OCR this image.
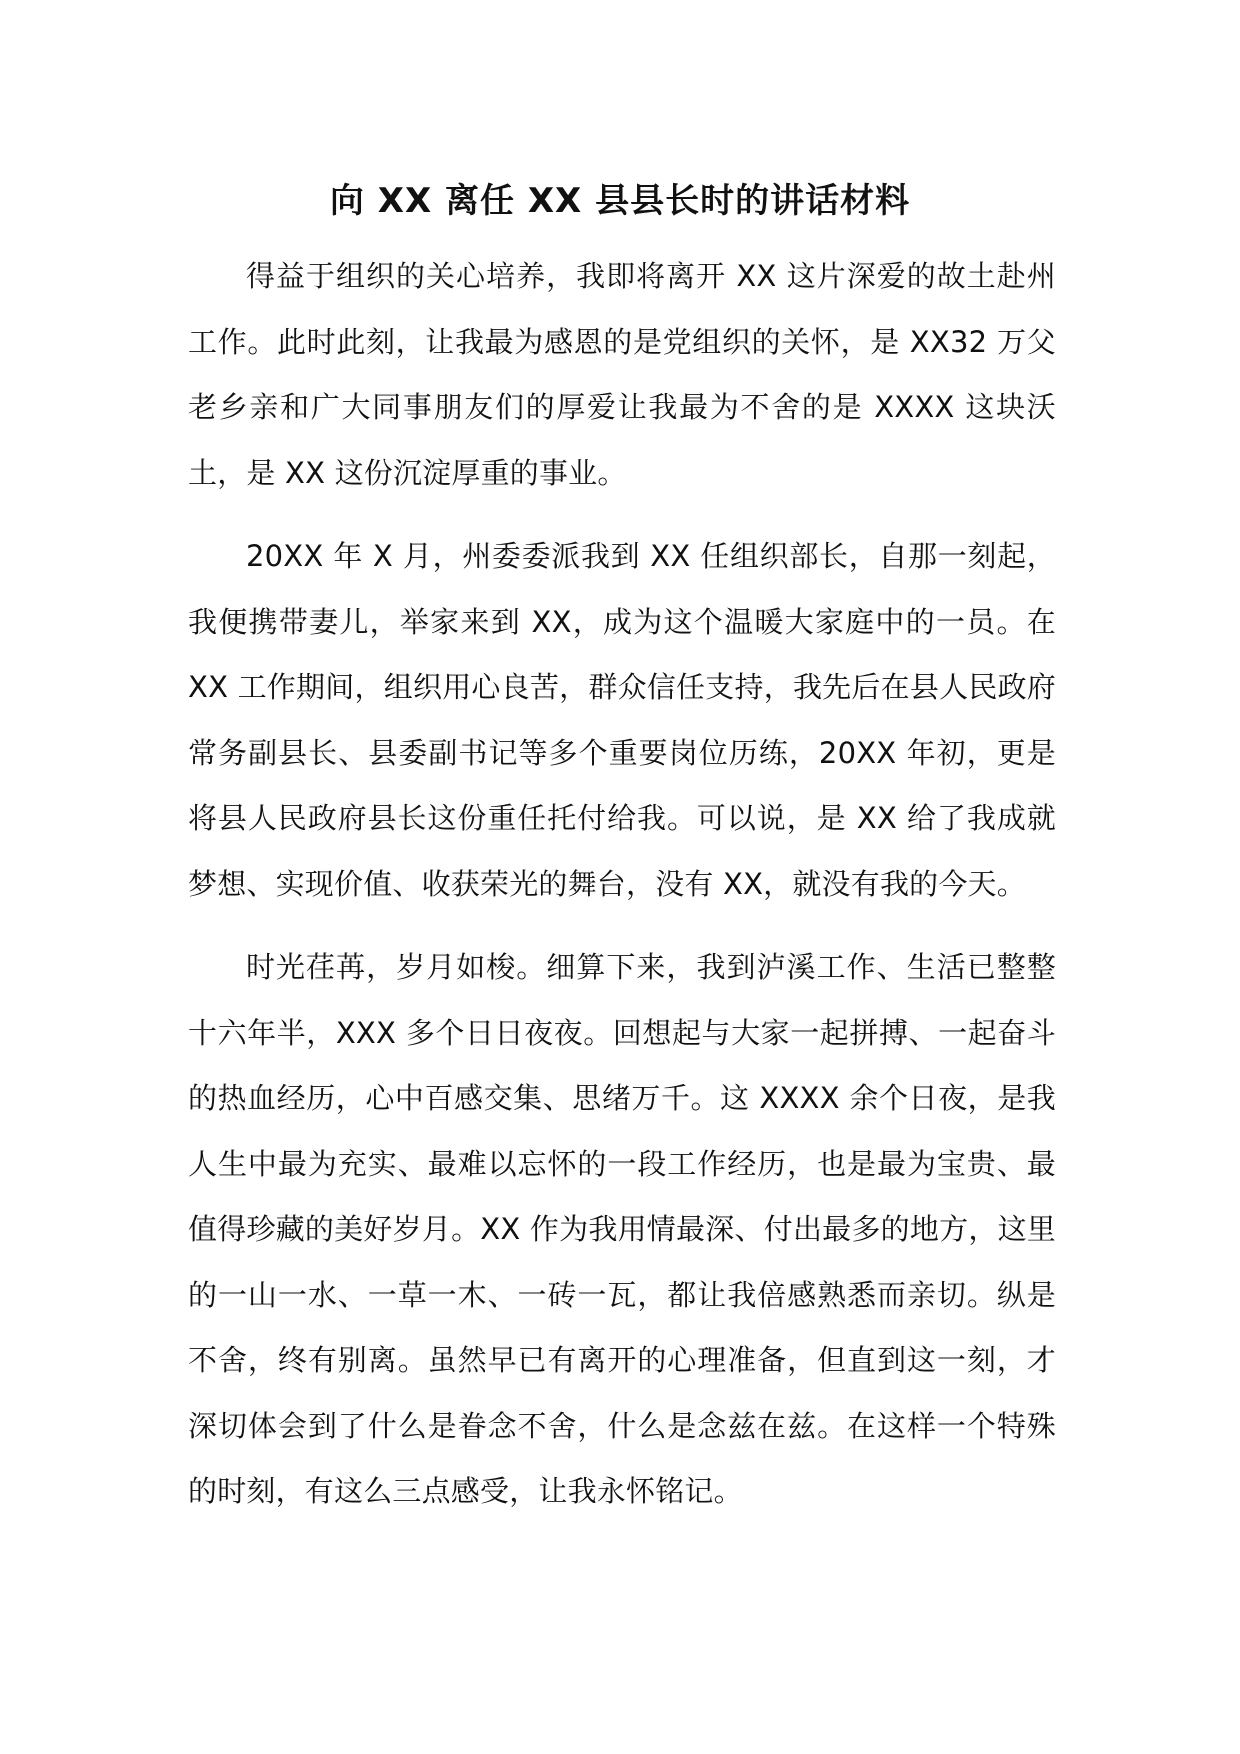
向 XX 离任 XX 县县长时的讲话材料

得益于组织的关心培养，我即将离开 XX 这片深爱的故土赴州工作。此时此刻，让我最为感恩的是党组织的关怀，是 XX32 万父老乡亲和广大同事朋友们的厚爱让我最为不舍的是 XXXX 这块沃土，是 XX 这份沉淀厚重的事业。

20XX 年 X 月，州委委派我到 XX 任组织部长，自那一刻起，我便携带妻儿，举家来到 XX，成为这个温暖大家庭中的一员。在 XX 工作期间，组织用心良苦，群众信任支持，我先后在县人民政府常务副县长、县委副书记等多个重要岗位历练，20XX 年初，更是将县人民政府县长这份重任托付给我。可以说，是 XX 给了我成就梦想、实现价值、收获荣光的舞台，没有 XX，就没有我的今天。

时光荏苒，岁月如梭。细算下来，我到泸溪工作、生活已整整十六年半，XXX 多个日日夜夜。回想起与大家一起拼搏、一起奋斗的热血经历，心中百感交集、思绪万千。这 XXXX 余个日夜，是我人生中最为充实、最难以忘怀的一段工作经历，也是最为宝贵、最值得珍藏的美好岁月。XX 作为我用情最深、付出最多的地方，这里的一山一水、一草一木、一砖一瓦，都让我倍感熟悉而亲切。纵是不舍，终有别离。虽然早已有离开的心理准备，但直到这一刻，才深切体会到了什么是眷念不舍，什么是念兹在兹。在这样一个特殊的时刻，有这么三点感受，让我永怀铭记。
